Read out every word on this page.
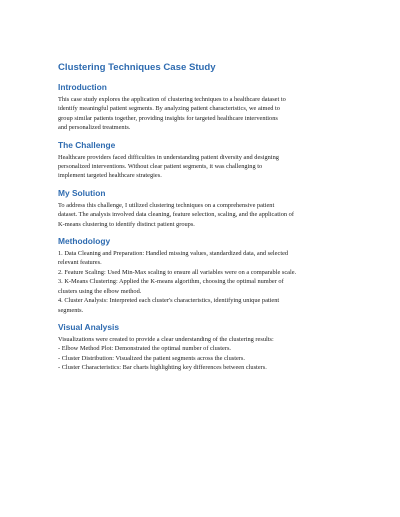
Clustering Techniques Case Study
Introduction

This case study explores the application of clustering techniques to a healthcare dataset to
identify meaningful patient segments. By analyzing patient characteristics, we aimed to
group similar patients together, providing insights for targeted healthcare interventions
and personalized treatments.

The Challenge

Healthcare providers faced difficulties in understanding patient diversity and designing
personalized interventions. Without clear patient segments, it was challenging to
implement targeted healthcare strategies.

My Solution

To address this challenge, I utilized clustering techniques on a comprehensive patient
dataset. The analysis involved data cleaning, feature selection, scaling, and the application of
K-means clustering to identify distinct patient groups.

Methodology

1. Data Cleaning and Preparation: Handled missing values, standardized data, and selected
relevant features.
2. Feature Scaling: Used Min-Max scaling to ensure all variables were on a comparable scale.
3. K-Means Clustering: Applied the K-means algorithm, choosing the optimal number of
clusters using the elbow method.
4. Cluster Analysis: Interpreted each cluster's characteristics, identifying unique patient
segments.

Visual Analysis

Visualizations were created to provide a clear understanding of the clustering results:
- Elbow Method Plot: Demonstrated the optimal number of clusters.
- Cluster Distribution: Visualized the patient segments across the clusters.
- Cluster Characteristics: Bar charts highlighting key differences between clusters.
